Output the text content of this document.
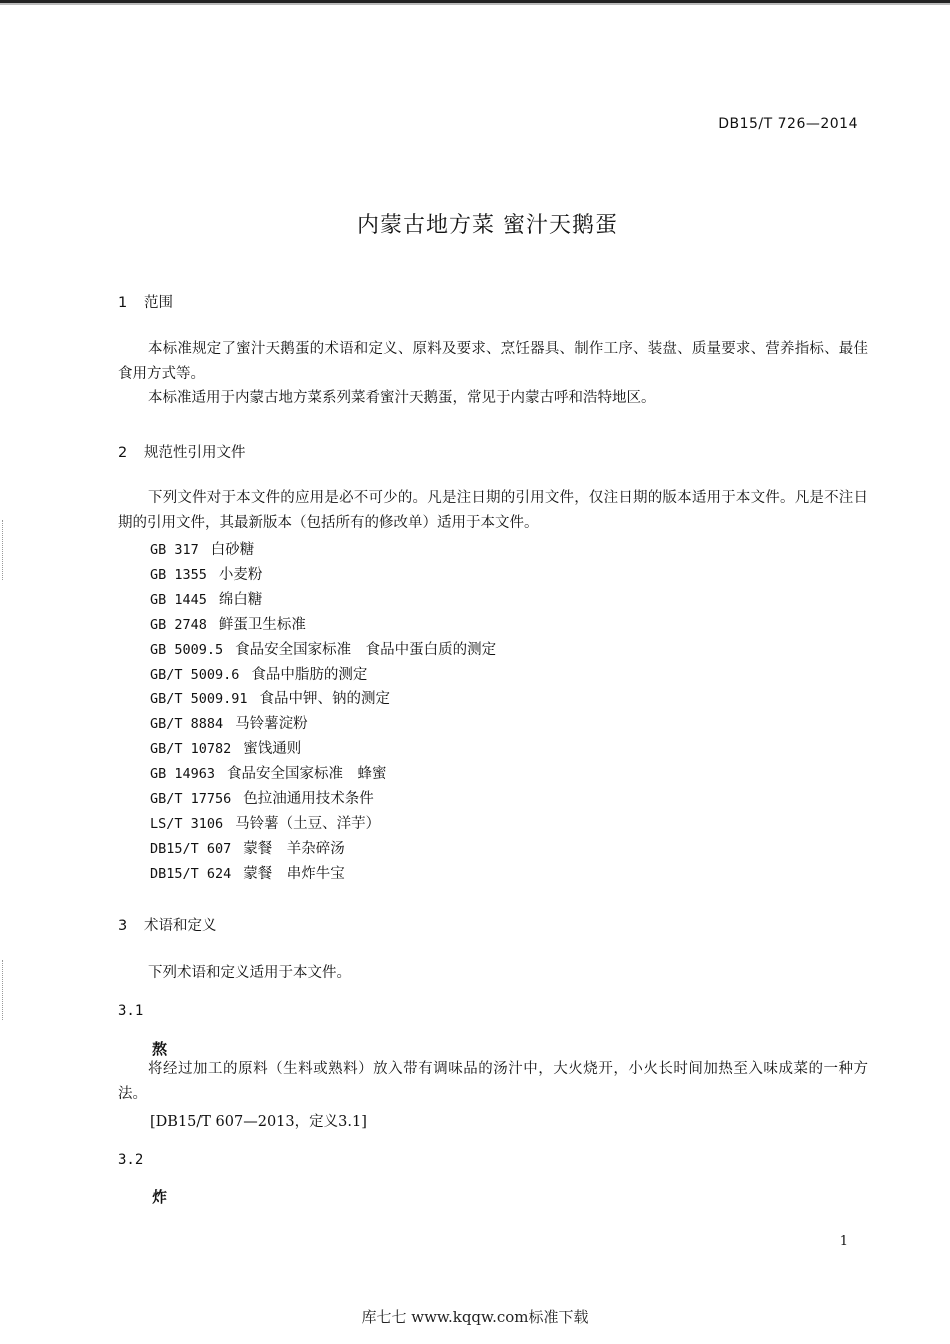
DB15/T 726—2014
内蒙古地方菜 蜜汁天鹅蛋
1 范围
本标准规定了蜜汁天鹅蛋的术语和定义、原料及要求、烹饪器具、制作工序、装盘、质量要求、营养指标、最佳食用方式等。
本标准适用于内蒙古地方菜系列菜肴蜜汁天鹅蛋，常见于内蒙古呼和浩特地区。
2 规范性引用文件
下列文件对于本文件的应用是必不可少的。凡是注日期的引用文件，仅注日期的版本适用于本文件。凡是不注日期的引用文件，其最新版本（包括所有的修改单）适用于本文件。
GB 317 白砂糖
GB 1355 小麦粉
GB 1445 绵白糖
GB 2748 鲜蛋卫生标准
GB 5009.5 食品安全国家标准　食品中蛋白质的测定
GB/T 5009.6 食品中脂肪的测定
GB/T 5009.91 食品中钾、钠的测定
GB/T 8884 马铃薯淀粉
GB/T 10782 蜜饯通则
GB 14963 食品安全国家标准　蜂蜜
GB/T 17756 色拉油通用技术条件
LS/T 3106 马铃薯（土豆、洋芋）
DB15/T 607 蒙餐　羊杂碎汤
DB15/T 624 蒙餐　串炸牛宝
3 术语和定义
下列术语和定义适用于本文件。
3.1
熬
将经过加工的原料（生料或熟料）放入带有调味品的汤汁中，大火烧开，小火长时间加热至入味成菜的一种方法。
[DB15/T 607—2013，定义3.1]
3.2
炸
1
库七七 www.kqqw.com标准下载
